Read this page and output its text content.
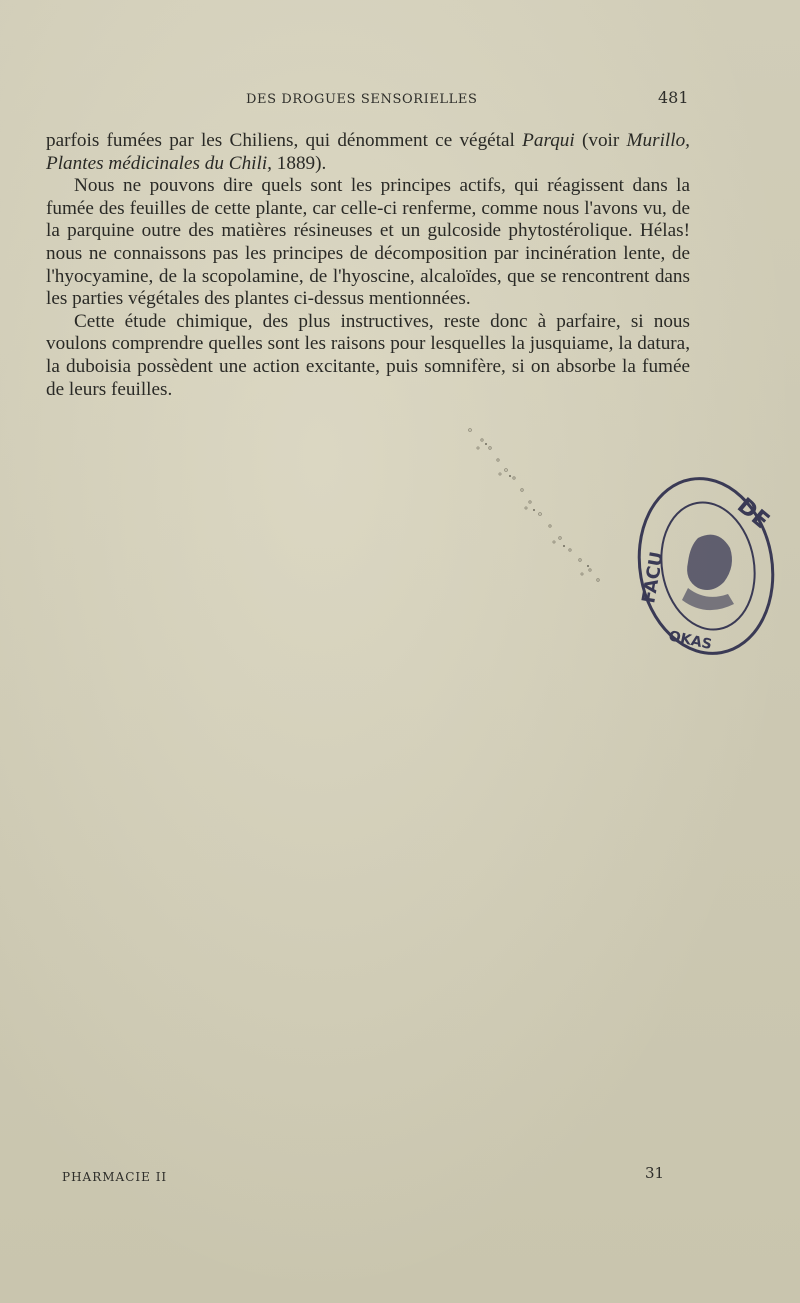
DES DROGUES SENSORIELLES	481

parfois fumées par les Chiliens, qui dénomment ce végétal Parqui (voir Murillo, Plantes médicinales du Chili, 1889).

Nous ne pouvons dire quels sont les principes actifs, qui réagissent dans la fumée des feuilles de cette plante, car celle-ci renferme, comme nous l'avons vu, de la parquine outre des matières résineuses et un gulcoside phytostérolique. Hélas! nous ne connaissons pas les principes de décomposition par incinération lente, de l'hyocyamine, de la scopolamine, de l'hyoscine, alcaloïdes, que se rencontrent dans les parties végétales des plantes ci-dessus mentionnées.

Cette étude chimique, des plus instructives, reste donc à parfaire, si nous voulons comprendre quelles sont les raisons pour lesquelles la jusquiame, la datura, la duboisia possèdent une action excitante, puis somnifère, si on absorbe la fumée de leurs feuilles.

DE
FACU
OKAS
PHARMACIE II	31
